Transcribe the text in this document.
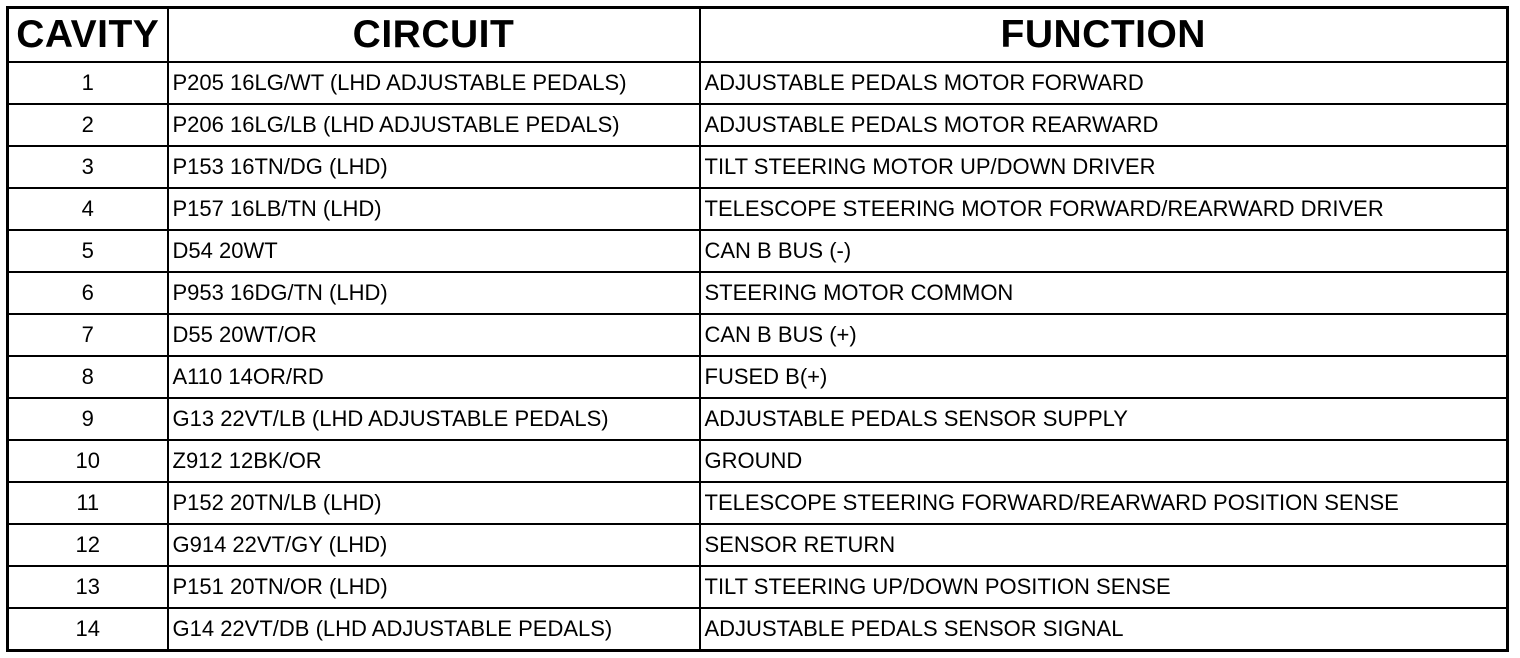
CAVITY	CIRCUIT	FUNCTION
1	P205 16LG/WT (LHD ADJUSTABLE PEDALS)	ADJUSTABLE PEDALS MOTOR FORWARD
2	P206 16LG/LB (LHD ADJUSTABLE PEDALS)	ADJUSTABLE PEDALS MOTOR REARWARD
3	P153 16TN/DG (LHD)	TILT STEERING MOTOR UP/DOWN DRIVER
4	P157 16LB/TN (LHD)	TELESCOPE STEERING MOTOR FORWARD/REARWARD DRIVER
5	D54 20WT	CAN B BUS (-)
6	P953 16DG/TN (LHD)	STEERING MOTOR COMMON
7	D55 20WT/OR	CAN B BUS (+)
8	A110 14OR/RD	FUSED B(+)
9	G13 22VT/LB (LHD ADJUSTABLE PEDALS)	ADJUSTABLE PEDALS SENSOR SUPPLY
10	Z912 12BK/OR	GROUND
11	P152 20TN/LB (LHD)	TELESCOPE STEERING FORWARD/REARWARD POSITION SENSE
12	G914 22VT/GY (LHD)	SENSOR RETURN
13	P151 20TN/OR (LHD)	TILT STEERING UP/DOWN POSITION SENSE
14	G14 22VT/DB (LHD ADJUSTABLE PEDALS)	ADJUSTABLE PEDALS SENSOR SIGNAL
